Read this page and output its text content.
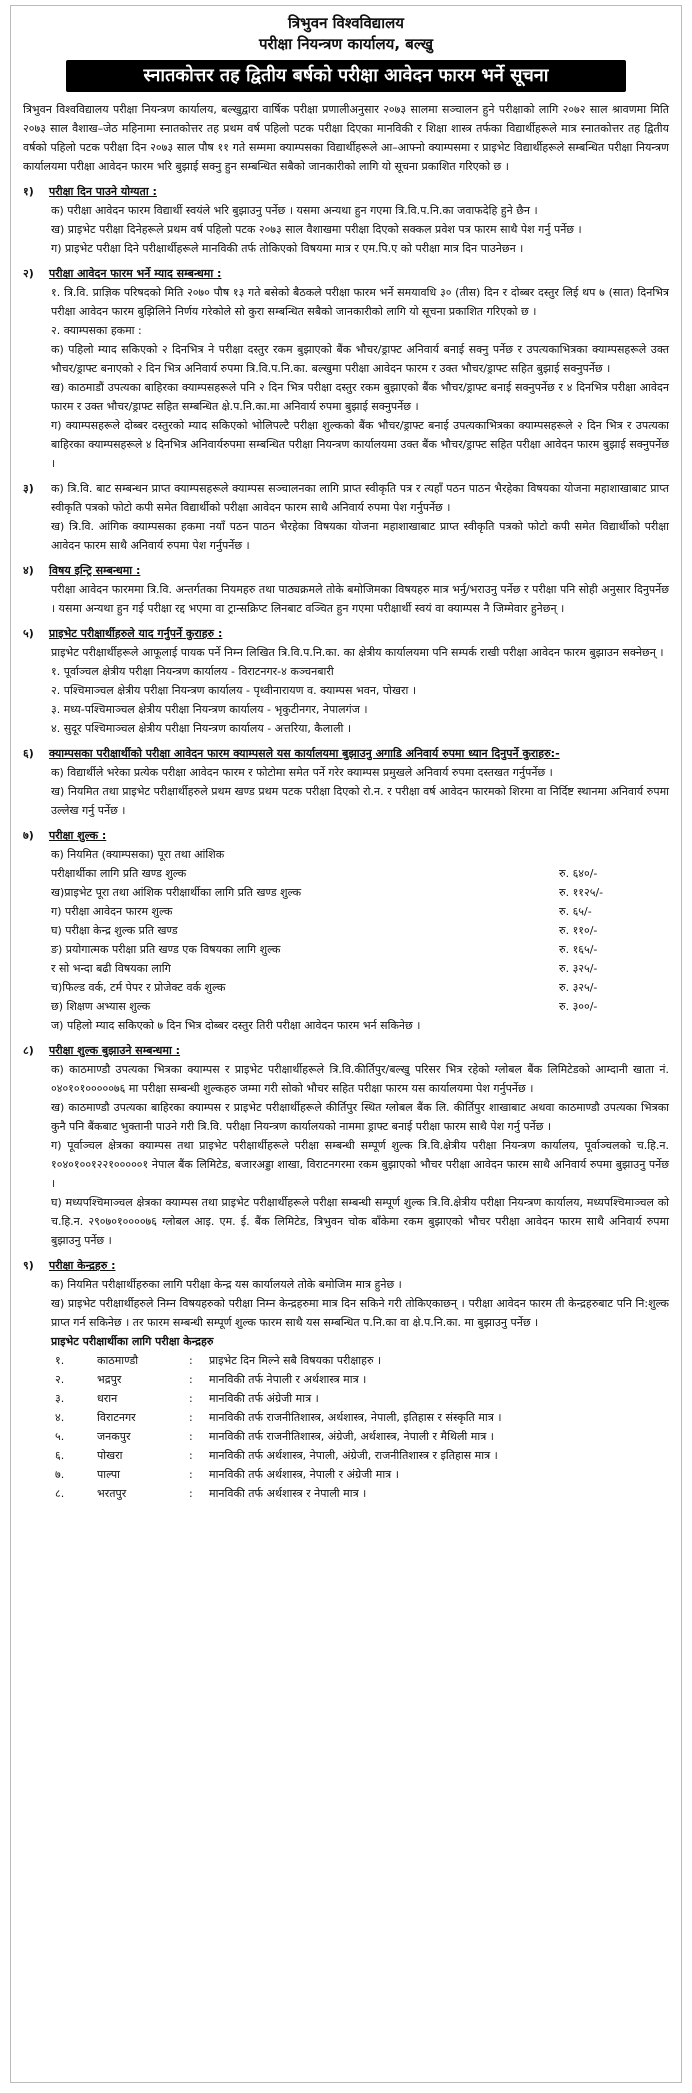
त्रिभुवन विश्वविद्यालय
परीक्षा नियन्त्रण कार्यालय, बल्खु
स्नातकोत्तर तह द्वितीय बर्षको परीक्षा आवेदन फारम भर्ने सूचना

त्रिभुवन विश्वविद्यालय परीक्षा नियन्त्रण कार्यालय, बल्खुद्वारा वार्षिक परीक्षा प्रणालीअनुसार २०७३ सालमा सञ्चालन हुने परीक्षाको लागि २०७२ साल श्रावणमा मिति २०७३ साल वैशाख–जेठ महिनामा स्नातकोत्तर तह प्रथम वर्ष पहिलो पटक परीक्षा दिएका मानविकी र शिक्षा शास्त्र तर्फका विद्यार्थीहरूले मात्र स्नातकोत्तर तह द्वितीय वर्षको पहिलो पटक परीक्षा दिन २०७३ साल पौष ११ गते सम्ममा क्याम्पसका विद्यार्थीहरूले आ–आफ्नो क्याम्पसमा र प्राइभेट विद्यार्थीहरूले सम्बन्धित परीक्षा नियन्त्रण कार्यालयमा परीक्षा आवेदन फारम भरि बुझाई सक्नु हुन सम्बन्धित सबैको जानकारीको लागि यो सूचना प्रकाशित गरिएको छ ।

१) परीक्षा दिन पाउने योग्यता :
क) परीक्षा आवेदन फारम विद्यार्थी स्वयंले भरि बुझाउनु पर्नेछ । यसमा अन्यथा हुन गएमा त्रि.वि.प.नि.का जवाफदेहि हुने छैन ।
ख) प्राइभेट परीक्षा दिनेहरूले प्रथम वर्ष पहिलो पटक २०७३ साल वैशाखमा परीक्षा दिएको सक्कल प्रवेश पत्र फारम साथै पेश गर्नु पर्नेछ ।
ग) प्राइभेट परीक्षा दिने परीक्षार्थीहरूले मानविकी तर्फ तोकिएको विषयमा मात्र र एम.पि.ए को परीक्षा मात्र दिन पाउनेछन ।
२) परीक्षा आवेदन फारम भर्ने म्याद सम्बन्धमा :
१. त्रि.वि. प्राज्ञिक परिषदको मिति २०७० पौष १३ गते बसेको बैठकले परीक्षा फारम भर्ने समयावधि ३० (तीस) दिन र दोब्बर दस्तुर लिई थप ७ (सात) दिनभित्र परीक्षा आवेदन फारम बुझिलिने निर्णय गरेकोले सो कुरा सम्बन्धित सबैको जानकारीको लागि यो सूचना प्रकाशित गरिएको छ ।
२. क्याम्पसका हकमा :
क) पहिलो म्याद सकिएको २ दिनभित्र ने परीक्षा दस्तुर रकम बुझाएको बैंक भौचर/ड्राफ्ट अनिवार्य बनाई सक्नु पर्नेछ र उपत्यकाभित्रका क्याम्पसहरूले उक्त भौचर/ड्राफ्ट बनाएको २ दिन भित्र अनिवार्य रुपमा त्रि.वि.प.नि.का. बल्खुमा परीक्षा आवेदन फारम र उक्त भौचर/ड्राफ्ट सहित बुझाई सक्नुपर्नेछ ।
ख) काठमाडौं उपत्यका बाहिरका क्याम्पसहरूले पनि २ दिन भित्र परीक्षा दस्तुर रकम बुझाएको बैंक भौचर/ड्राफ्ट बनाई सक्नुपर्नेछ र ४ दिनभित्र परीक्षा आवेदन फारम र उक्त भौचर/ड्राफ्ट सहित सम्बन्धित क्षे.प.नि.का.मा अनिवार्य रुपमा बुझाई सक्नुपर्नेछ ।
ग) क्याम्पसहरूले दोब्बर दस्तुरको म्याद सकिएको भोलिपल्टै परीक्षा शुल्कको बैंक भौचर/ड्राफ्ट बनाई उपत्यकाभित्रका क्याम्पसहरूले २ दिन भित्र र उपत्यका बाहिरका क्याम्पसहरूले ४ दिनभित्र अनिवार्यरुपमा सम्बन्धित परीक्षा नियन्त्रण कार्यालयमा उक्त बैंक भौचर/ड्राफ्ट सहित परीक्षा आवेदन फारम बुझाई सक्नुपर्नेछ ।
३)	क) त्रि.वि. बाट सम्बन्धन प्राप्त क्याम्पसहरूले क्याम्पस सञ्चालनका लागि प्राप्त स्वीकृति पत्र र त्यहाँ पठन पाठन भैरहेका विषयका योजना महाशाखाबाट प्राप्त स्वीकृति पत्रको फोटो कपी समेत विद्यार्थीको परीक्षा आवेदन फारम साथै अनिवार्य रुपमा पेश गर्नुपर्नेछ ।
ख) त्रि.वि. आंगिक क्याम्पसका हकमा नयाँ पठन पाठन भैरहेका विषयका योजना महाशाखाबाट प्राप्त स्वीकृति पत्रको फोटो कपी समेत विद्यार्थीको परीक्षा आवेदन फारम साथै अनिवार्य रुपमा पेश गर्नुपर्नेछ ।
४) विषय इन्ट्रि सम्बन्धमा :
परीक्षा आवेदन फारममा त्रि.वि. अन्तर्गतका नियमहरु तथा पाठ्यक्रमले तोके बमोजिमका विषयहरु मात्र भर्नु/भराउनु पर्नेछ र परीक्षा पनि सोही अनुसार दिनुपर्नेछ । यसमा अन्यथा हुन गई परीक्षा रद्द भएमा वा ट्रान्सक्रिप्ट लिनबाट वञ्चित हुन गएमा परीक्षार्थी स्वयं वा क्याम्पस नै जिम्मेवार हुनेछन् ।
५) प्राइभेट परीक्षार्थीहरुले याद गर्नुपर्ने कुराहरु :
प्राइभेट परीक्षार्थीहरूले आफूलाई पायक पर्ने निम्न लिखित त्रि.वि.प.नि.का. का क्षेत्रीय कार्यालयमा पनि सम्पर्क राखी परीक्षा आवेदन फारम बुझाउन सक्नेछन् ।
१. पूर्वाञ्चल क्षेत्रीय परीक्षा नियन्त्रण कार्यालय - विराटनगर-४ कञ्चनबारी
२. पश्चिमाञ्चल क्षेत्रीय परीक्षा नियन्त्रण कार्यालय - पृथ्वीनारायण व. क्याम्पस भवन, पोखरा ।
३. मध्य-पश्चिमाञ्चल क्षेत्रीय परीक्षा नियन्त्रण कार्यालय - भृकुटीनगर, नेपालगंज ।
४. सुदूर पश्चिमाञ्चल क्षेत्रीय परीक्षा नियन्त्रण कार्यालय - अत्तरिया, कैलाली ।
६) क्याम्पसका परीक्षार्थीको परीक्षा आवेदन फारम क्याम्पसले यस कार्यालयमा बुझाउनु अगाडि अनिवार्य रुपमा ध्यान दिनुपर्ने कुराहरु:-
क) विद्यार्थीले भरेका प्रत्येक परीक्षा आवेदन फारम र फोटोमा समेत पर्ने गरेर क्याम्पस प्रमुखले अनिवार्य रुपमा दस्तखत गर्नुपर्नेछ ।
ख) नियमित तथा प्राइभेट परीक्षार्थीहरुले प्रथम खण्ड प्रथम पटक परीक्षा दिएको रो.न. र परीक्षा वर्ष आवेदन फारमको शिरमा वा निर्दिष्ट स्थानमा अनिवार्य रुपमा उल्लेख गर्नु पर्नेछ ।
७) परीक्षा शुल्क :
क) नियमित (क्याम्पसका) पूरा तथा आंशिक
परीक्षार्थीका लागि प्रति खण्ड शुल्क	रु. ६४०/-
ख)प्राइभेट पूरा तथा आंशिक परीक्षार्थीका लागि प्रति खण्ड शुल्क	रु. ११२५/-
ग) परीक्षा आवेदन फारम शुल्क	रु. ६५/-
घ) परीक्षा केन्द्र शुल्क प्रति खण्ड	रु. ११०/-
ङ) प्रयोगात्मक परीक्षा प्रति खण्ड एक विषयका लागि शुल्क	रु. १६५/-
र सो भन्दा बढी विषयका लागि	रु. ३२५/-
च)फिल्ड वर्क, टर्म पेपर र प्रोजेक्ट वर्क शुल्क	रु. ३२५/-
छ) शिक्षण अभ्यास शुल्क	रु. ३००/-
ज) पहिलो म्याद सकिएको ७ दिन भित्र दोब्बर दस्तुर तिरी परीक्षा आवेदन फारम भर्न सकिनेछ ।
८) परीक्षा शुल्क बुझाउने सम्बन्धमा :
क) काठमाण्डौ उपत्यका भित्रका क्याम्पस र प्राइभेट परीक्षार्थीहरूले त्रि.वि.कीर्तिपुर/बल्खु परिसर भित्र रहेको ग्लोबल बैंक लिमिटेडको आम्दानी खाता नं. ०४०१०१०००००७६ मा परीक्षा सम्बन्धी शुल्कहरु जम्मा गरी सोको भौचर सहित परीक्षा फारम यस कार्यालयमा पेश गर्नुपर्नेछ ।
ख) काठमाण्डौ उपत्यका बाहिरका क्याम्पस र प्राइभेट परीक्षार्थीहरूले कीर्तिपुर स्थित ग्लोबल बैंक लि. कीर्तिपुर शाखाबाट अथवा काठमाण्डौ उपत्यका भित्रका कुनै पनि बैंकबाट भुक्तानी पाउने गरी त्रि.वि. परीक्षा नियन्त्रण कार्यालयको नाममा ड्राफ्ट बनाई परीक्षा फारम साथै पेश गर्नु पर्नेछ ।
ग) पूर्वाञ्चल क्षेत्रका क्याम्पस तथा प्राइभेट परीक्षार्थीहरूले परीक्षा सम्बन्धी सम्पूर्ण शुल्क त्रि.वि.क्षेत्रीय परीक्षा नियन्त्रण कार्यालय, पूर्वाञ्चलको च.हि.न. १०४०१००१२२१०००००१ नेपाल बैंक लिमिटेड, बजारअड्डा शाखा, विराटनगरमा रकम बुझाएको भौचर परीक्षा आवेदन फारम साथै अनिवार्य रुपमा बुझाउनु पर्नेछ ।
घ) मध्यपश्चिमाञ्चल क्षेत्रका क्याम्पस तथा प्राइभेट परीक्षार्थीहरूले परीक्षा सम्बन्धी सम्पूर्ण शुल्क त्रि.वि.क्षेत्रीय परीक्षा नियन्त्रण कार्यालय, मध्यपश्चिमाञ्चल को च.हि.न. २९०७०१००००७६ ग्लोबल आइ. एम. ई. बैंक लिमिटेड, त्रिभुवन चोक बाँकेमा रकम बुझाएको भौचर परीक्षा आवेदन फारम साथै अनिवार्य रुपमा बुझाउनु पर्नेछ ।
९) परीक्षा केन्द्रहरु :
क) नियमित परीक्षार्थीहरुका लागि परीक्षा केन्द्र यस कार्यालयले तोके बमोजिम मात्र हुनेछ ।
ख) प्राइभेट परीक्षार्थीहरुले निम्न विषयहरुको परीक्षा निम्न केन्द्रहरुमा मात्र दिन सकिने गरी तोकिएकाछन् । परीक्षा आवेदन फारम ती केन्द्रहरुबाट पनि नि:शुल्क प्राप्त गर्न सकिनेछ । तर फारम सम्बन्धी सम्पूर्ण शुल्क फारम साथै यस सम्बन्धित प.नि.का वा क्षे.प.नि.का. मा बुझाउनु पर्नेछ ।
प्राइभेट परीक्षार्थीका लागि परीक्षा केन्द्रहरु
१.	काठमाण्डौ	:	प्राइभेट दिन मिल्ने सबै विषयका परीक्षाहरु ।
२.	भद्रपुर	:	मानविकी तर्फ नेपाली र अर्थशास्त्र मात्र ।
३.	धरान	:	मानविकी तर्फ अंग्रेजी मात्र ।
४.	विराटनगर	:	मानविकी तर्फ राजनीतिशास्त्र, अर्थशास्त्र, नेपाली, इतिहास र संस्कृति मात्र ।
५.	जनकपुर	:	मानविकी तर्फ राजनीतिशास्त्र, अंग्रेजी, अर्थशास्त्र, नेपाली र मैथिली मात्र ।
६.	पोखरा	:	मानविकी तर्फ अर्थशास्त्र, नेपाली, अंग्रेजी, राजनीतिशास्त्र र इतिहास मात्र ।
७.	पाल्पा	:	मानविकी तर्फ अर्थशास्त्र, नेपाली र अंग्रेजी मात्र ।
८.	भरतपुर	:	मानविकी तर्फ अर्थशास्त्र र नेपाली मात्र ।
